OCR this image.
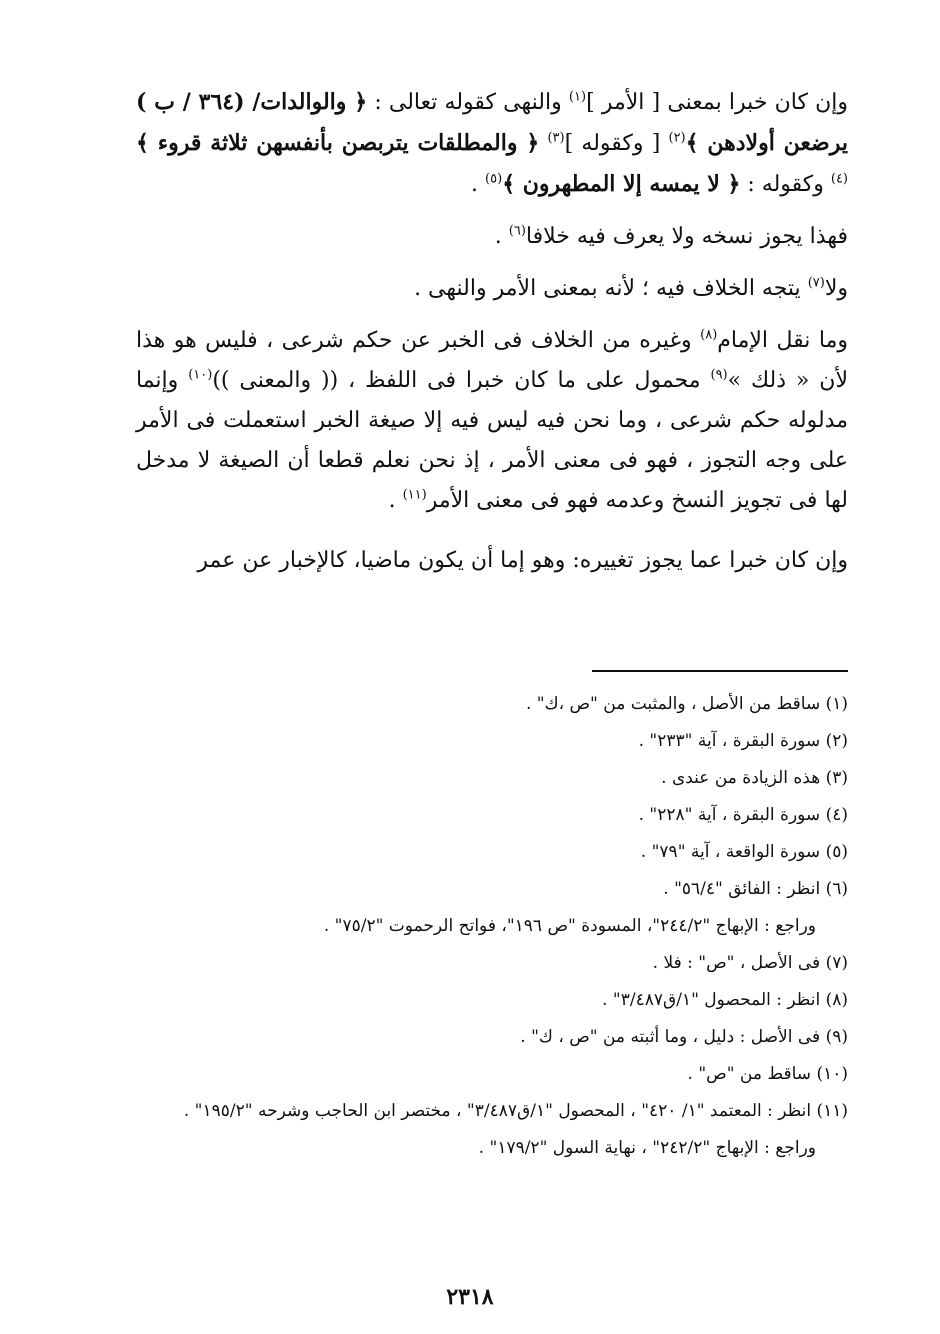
وإن كان خبرا بمعنى [ الأمر ]$^{(١)}$ والنهى كقوله تعالى : ﴿ والوالدات/ (٣٦٤ / ب ) يرضعن أولادهن ﴾$^{(٢)}$ [ وكقوله ]$^{(٣)}$ ﴿ والمطلقات يتربصن بأنفسهن ثلاثة قروء ﴾$^{(٤)}$ وكقوله : ﴿ لا يمسه إلا المطهرون ﴾$^{(٥)}$ .

فهذا يجوز نسخه ولا يعرف فيه خلافا$^{(٦)}$ .

ولا$^{(٧)}$ يتجه الخلاف فيه ؛ لأنه بمعنى الأمر والنهى .

وما نقل الإمام$^{(٨)}$ وغيره من الخلاف فى الخبر عن حكم شرعى ، فليس هو هذا لأن « ذلك »$^{(٩)}$ محمول على ما كان خبرا فى اللفظ ، (( والمعنى ))$^{(١٠)}$ وإنما مدلوله حكم شرعى ، وما نحن فيه ليس فيه إلا صيغة الخبر استعملت فى الأمر على وجه التجوز ، فهو فى معنى الأمر ، إذ نحن نعلم قطعا أن الصيغة لا مدخل لها فى تجويز النسخ وعدمه فهو فى معنى الأمر$^{(١١)}$ .

وإن كان خبرا عما يجوز تغييره: وهو إما أن يكون ماضيا، كالإخبار عن عمر

(١) ساقط من الأصل ، والمثبت من "ص ،ك" .

(٢) سورة البقرة ، آية "٢٣٣" .

(٣) هذه الزيادة من عندى .

(٤) سورة البقرة ، آية "٢٢٨" .

(٥) سورة الواقعة ، آية "٧٩" .

(٦) انظر : الفائق "٥٦/٤" .

وراجع : الإبهاج "٢٤٤/٢"، المسودة "ص ١٩٦"، فواتح الرحموت "٧٥/٢" .

(٧) فى الأصل ، "ص" : فلا .

(٨) انظر : المحصول "١/ق٣/٤٨٧" .

(٩) فى الأصل : دليل ، وما أثبته من "ص ، ك" .

(١٠) ساقط من "ص" .

(١١) انظر : المعتمد "١/ ٤٢٠" ، المحصول "١/ق٣/٤٨٧" ، مختصر ابن الحاجب وشرحه "١٩٥/٢" .

وراجع : الإبهاج "٢٤٢/٢" ، نهاية السول "١٧٩/٢" .

٢٣١٨
